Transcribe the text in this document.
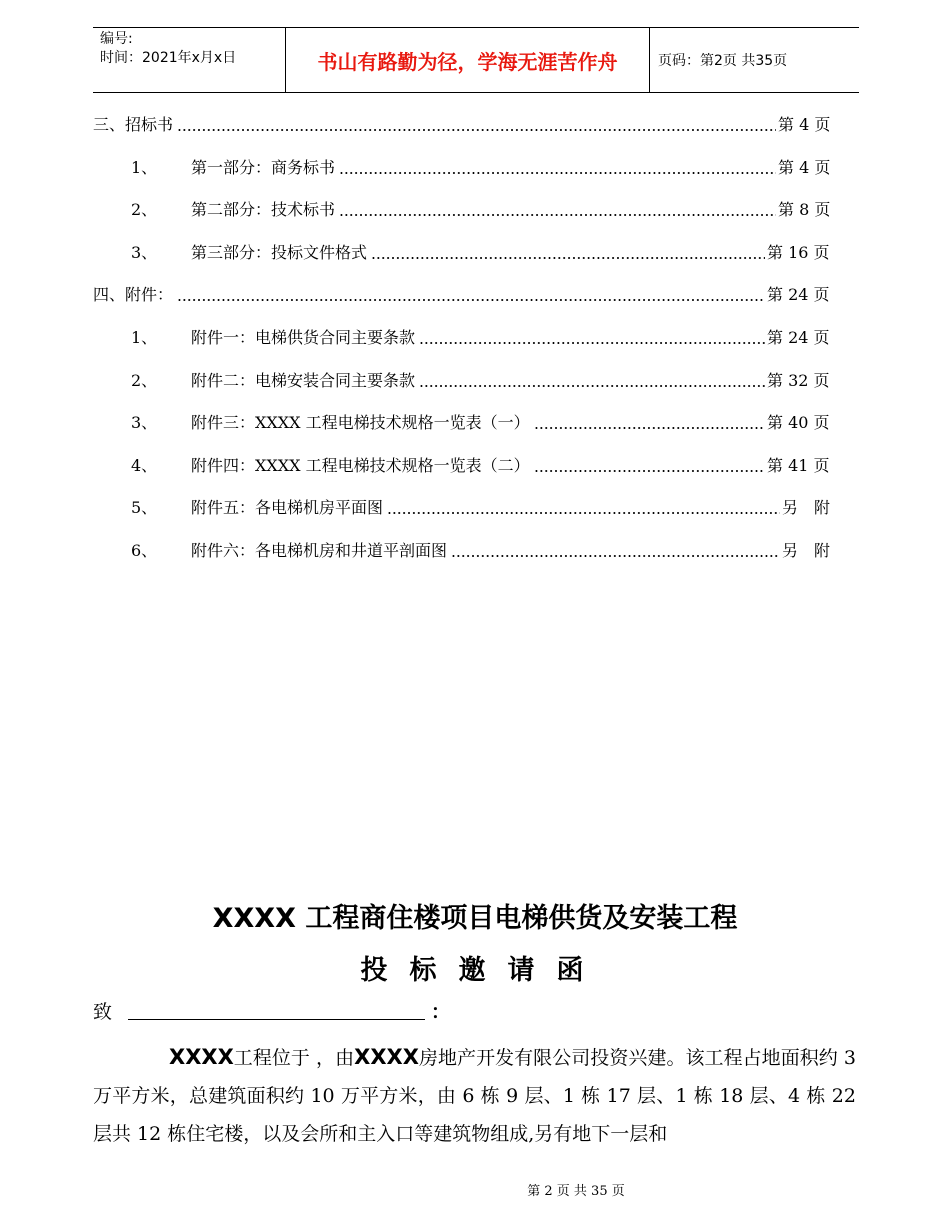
编号:
时间：2021年x月x日	书山有路勤为径，学海无涯苦作舟	页码：第2页 共35页
三、招标书	第 4 页
1、 第一部分：商务标书	第 4 页
2、 第二部分：技术标书	第 8 页
3、 第三部分：投标文件格式	第 16 页
四、附件：	第 24 页
1、 附件一：电梯供货合同主要条款	第 24 页
2、 附件二：电梯安装合同主要条款	第 32 页
3、 附件三：XXXX 工程电梯技术规格一览表（一）	第 40 页
4、 附件四：XXXX 工程电梯技术规格一览表（二）	第 41 页
5、 附件五：各电梯机房平面图	另　附
6、 附件六：各电梯机房和井道平剖面图	另　附
XXXX 工程商住楼项目电梯供货及安装工程
投标邀请函
致	：

XXXX工程位于 ，由XXXX房地产开发有限公司投资兴建。该工程占地面积约 3 万平方米，总建筑面积约 10 万平方米，由 6 栋 9 层、1 栋 17 层、1 栋 18 层、4 栋 22 层共 12 栋住宅楼，以及会所和主入口等建筑物组成,另有地下一层和

第 2 页 共 35 页
